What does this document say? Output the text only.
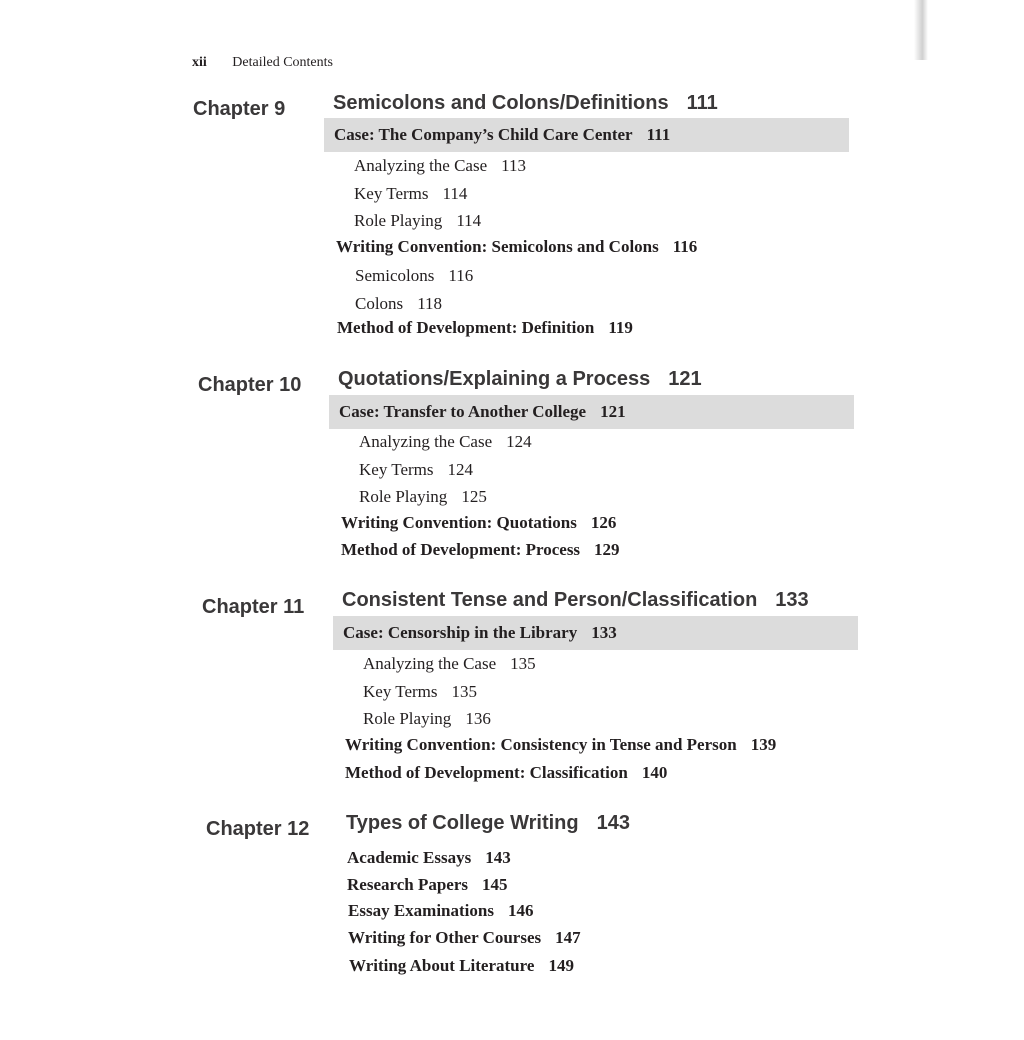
xii Detailed Contents
Chapter 9 Semicolons and Colons/Definitions 111
Case: The Company’s Child Care Center 111
Analyzing the Case 113
Key Terms 114
Role Playing 114
Writing Convention: Semicolons and Colons 116
Semicolons 116
Colons 118
Method of Development: Definition 119
Chapter 10 Quotations/Explaining a Process 121
Case: Transfer to Another College 121
Analyzing the Case 124
Key Terms 124
Role Playing 125
Writing Convention: Quotations 126
Method of Development: Process 129
Chapter 11 Consistent Tense and Person/Classification 133
Case: Censorship in the Library 133
Analyzing the Case 135
Key Terms 135
Role Playing 136
Writing Convention: Consistency in Tense and Person 139
Method of Development: Classification 140
Chapter 12 Types of College Writing 143
Academic Essays 143
Research Papers 145
Essay Examinations 146
Writing for Other Courses 147
Writing About Literature 149
